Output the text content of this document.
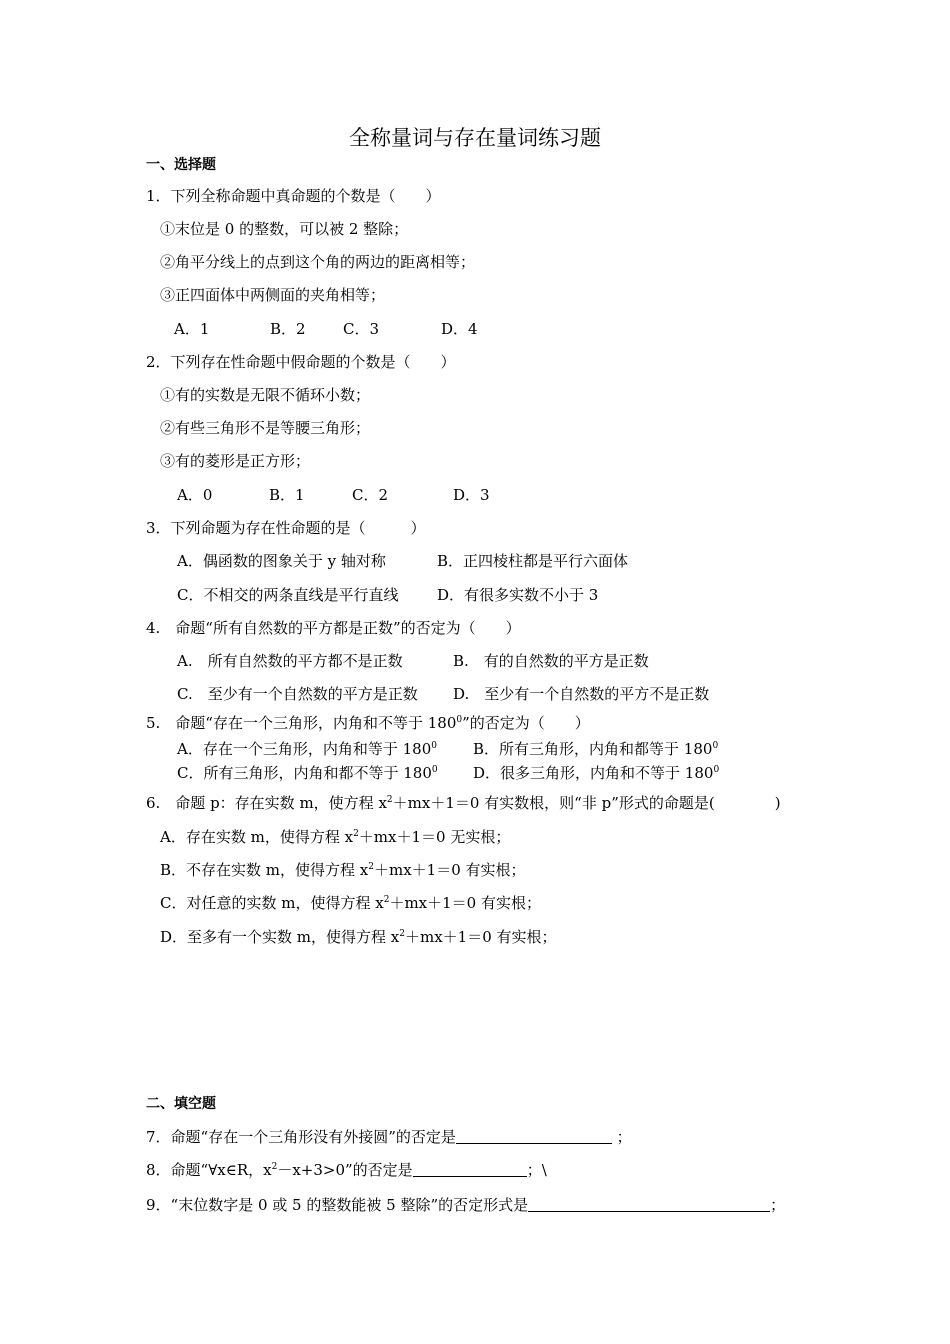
全称量词与存在量词练习题
一、选择题
1．下列全称命题中真命题的个数是（　　）
①末位是 0 的整数，可以被 2 整除；
②角平分线上的点到这个角的两边的距离相等；
③正四面体中两侧面的夹角相等；
A．1	B．2 C．3	D．4
2．下列存在性命题中假命题的个数是（　　）
①有的实数是无限不循环小数；
②有些三角形不是等腰三角形；
③有的菱形是正方形；
A．0	B．1	C．2	D．3
3．下列命题为存在性命题的是（　　　）
A．偶函数的图象关于 y 轴对称	B．正四棱柱都是平行六面体
C．不相交的两条直线是平行直线	D．有很多实数不小于 3
4.　命题“所有自然数的平方都是正数”的否定为（　　）
A.　所有自然数的平方都不是正数	B.　有的自然数的平方是正数
C.　至少有一个自然数的平方是正数 D.　至少有一个自然数的平方不是正数
5.　命题“存在一个三角形，内角和不等于 $180^0$”的否定为（　　）
A．存在一个三角形，内角和等于 $180^0$ B．所有三角形，内角和都等于 $180^0$
C．所有三角形，内角和都不等于 $180^0$ D．很多三角形，内角和不等于 $180^0$
6.　命题 p：存在实数 m，使方程 $x^2+mx+1=0$ 有实数根，则“非 p”形式的命题是(　　　　)
A．存在实数 m，使得方程 $x^2+mx+1=0$ 无实根；
B．不存在实数 m，使得方程 $x^2+mx+1=0$ 有实根；
C．对任意的实数 m，使得方程 $x^2+mx+1=0$ 有实根；
D．至多有一个实数 m，使得方程 $x^2+mx+1=0$ 有实根；
二、填空题
7．命题“存在一个三角形没有外接圆”的否定是	；
8．命题“∀x∈R，$x^2-x+3>0$”的否定是	；\
9．“末位数字是 0 或 5 的整数能被 5 整除”的否定形式是	；
